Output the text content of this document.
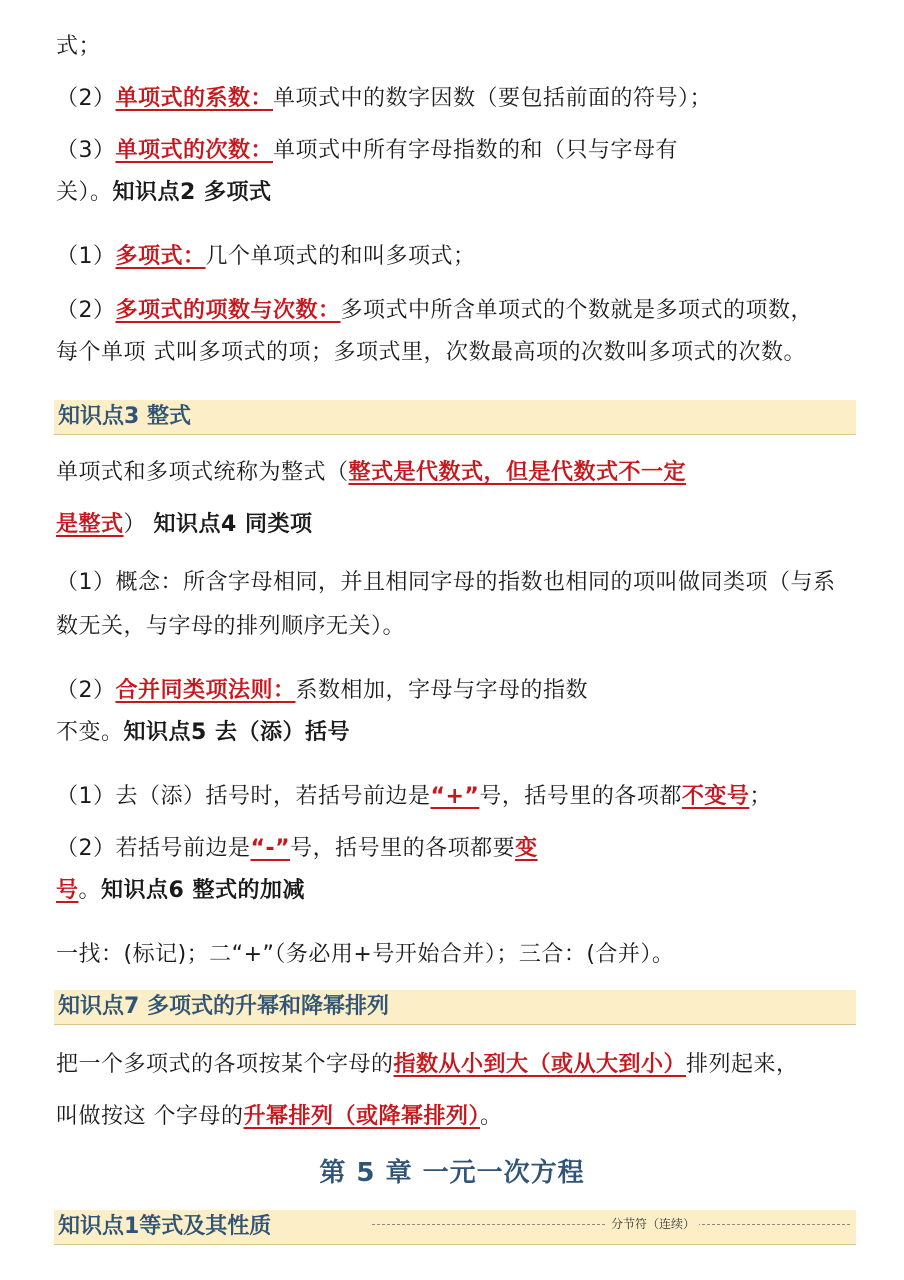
式；
（2）单项式的系数：单项式中的数字因数（要包括前面的符号）；
（3）单项式的次数：单项式中所有字母指数的和（只与字母有
关）。知识点2 多项式
（1）多项式：几个单项式的和叫多项式；
（2）多项式的项数与次数：多项式中所含单项式的个数就是多项式的项数，
每个单项 式叫多项式的项；多项式里，次数最高项的次数叫多项式的次数。
知识点3 整式
单项式和多项式统称为整式（整式是代数式，但是代数式不一定
是整式） 知识点4 同类项
（1）概念：所含字母相同，并且相同字母的指数也相同的项叫做同类项（与系
数无关，与字母的排列顺序无关）。
（2）合并同类项法则：系数相加，字母与字母的指数
不变。知识点5 去（添）括号
（1）去（添）括号时，若括号前边是“+”号，括号里的各项都不变号；
（2）若括号前边是“-”号，括号里的各项都要变
号。知识点6 整式的加减
一找：(标记)；二“+”（务必用+号开始合并）；三合：(合并）。
知识点7 多项式的升幂和降幂排列
把一个多项式的各项按某个字母的指数从小到大（或从大到小）排列起来，
叫做按这 个字母的升幂排列（或降幂排列）。
第 5 章 一元一次方程
知识点1等式及其性质	分节符（连续）
